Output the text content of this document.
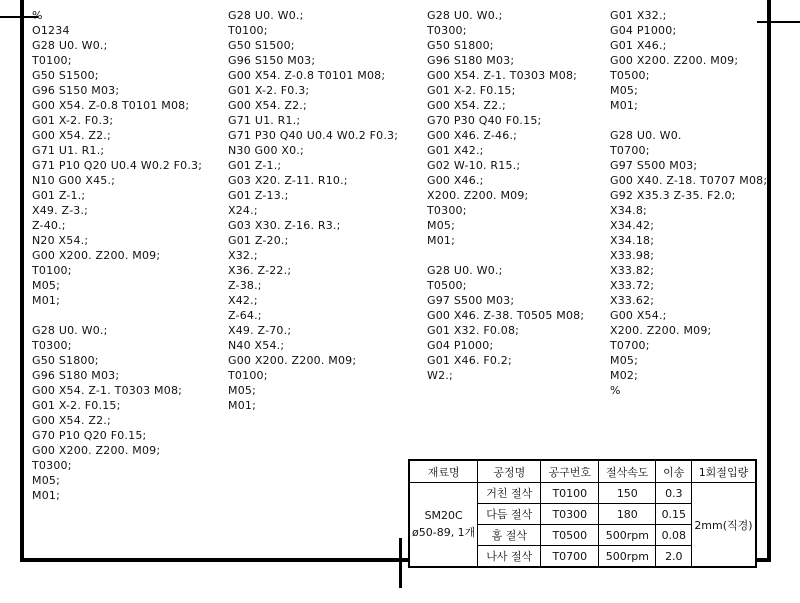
%
O1234
G28 U0. W0.;
T0100;
G50 S1500;
G96 S150 M03;
G00 X54. Z-0.8 T0101 M08;
G01 X-2. F0.3;
G00 X54. Z2.;
G71 U1. R1.;
G71 P10 Q20 U0.4 W0.2 F0.3;
N10 G00 X45.;
G01 Z-1.;
X49. Z-3.;
Z-40.;
N20 X54.;
G00 X200. Z200. M09;
T0100;
M05;
M01;

G28 U0. W0.;
T0300;
G50 S1800;
G96 S180 M03;
G00 X54. Z-1. T0303 M08;
G01 X-2. F0.15;
G00 X54. Z2.;
G70 P10 Q20 F0.15;
G00 X200. Z200. M09;
T0300;
M05;
M01;
G28 U0. W0.;
T0100;
G50 S1500;
G96 S150 M03;
G00 X54. Z-0.8 T0101 M08;
G01 X-2. F0.3;
G00 X54. Z2.;
G71 U1. R1.;
G71 P30 Q40 U0.4 W0.2 F0.3;
N30 G00 X0.;
G01 Z-1.;
G03 X20. Z-11. R10.;
G01 Z-13.;
X24.;
G03 X30. Z-16. R3.;
G01 Z-20.;
X32.;
X36. Z-22.;
Z-38.;
X42.;
Z-64.;
X49. Z-70.;
N40 X54.;
G00 X200. Z200. M09;
T0100;
M05;
M01;
G28 U0. W0.;
T0300;
G50 S1800;
G96 S180 M03;
G00 X54. Z-1. T0303 M08;
G01 X-2. F0.15;
G00 X54. Z2.;
G70 P30 Q40 F0.15;
G00 X46. Z-46.;
G01 X42.;
G02 W-10. R15.;
G00 X46.;
X200. Z200. M09;
T0300;
M05;
M01;

G28 U0. W0.;
T0500;
G97 S500 M03;
G00 X46. Z-38. T0505 M08;
G01 X32. F0.08;
G04 P1000;
G01 X46. F0.2;
W2.;
G01 X32.;
G04 P1000;
G01 X46.;
G00 X200. Z200. M09;
T0500;
M05;
M01;

G28 U0. W0.
T0700;
G97 S500 M03;
G00 X40. Z-18. T0707 M08;
G92 X35.3 Z-35. F2.0;
X34.8;
X34.42;
X34.18;
X33.98;
X33.82;
X33.72;
X33.62;
G00 X54.;
X200. Z200. M09;
T0700;
M05;
M02;
%
재료명	공정명	공구번호	절삭속도	이송	1회절입량

SM20C
ø50-89, 1개	거친 절삭	T0100	150	0.3	2mm(직경)
	다듬 절삭	T0300	180	0.15	
	홈 절삭	T0500	500rpm	0.08	
	나사 절삭	T0700	500rpm	2.0	
